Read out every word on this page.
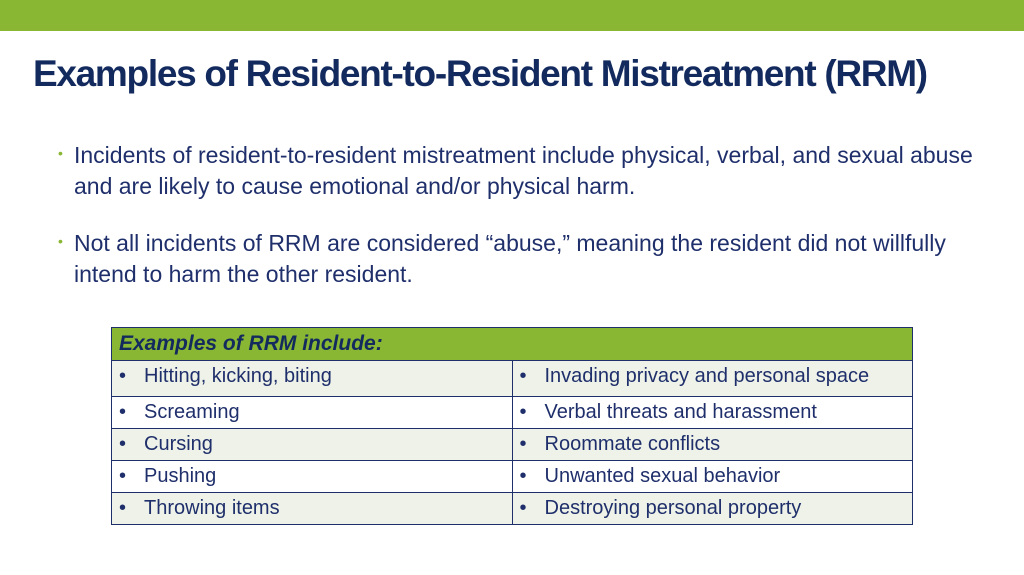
Examples of Resident-to-Resident Mistreatment (RRM)
• Incidents of resident-to-resident mistreatment include physical, verbal, and sexual abuse and are likely to cause emotional and/or physical harm.
• Not all incidents of RRM are considered “abuse,” meaning the resident did not willfully intend to harm the other resident.
Examples of RRM include:	
• Hitting, kicking, biting	• Invading privacy and personal space
• Screaming	• Verbal threats and harassment
• Cursing	• Roommate conflicts
• Pushing	• Unwanted sexual behavior
• Throwing items	• Destroying personal property
